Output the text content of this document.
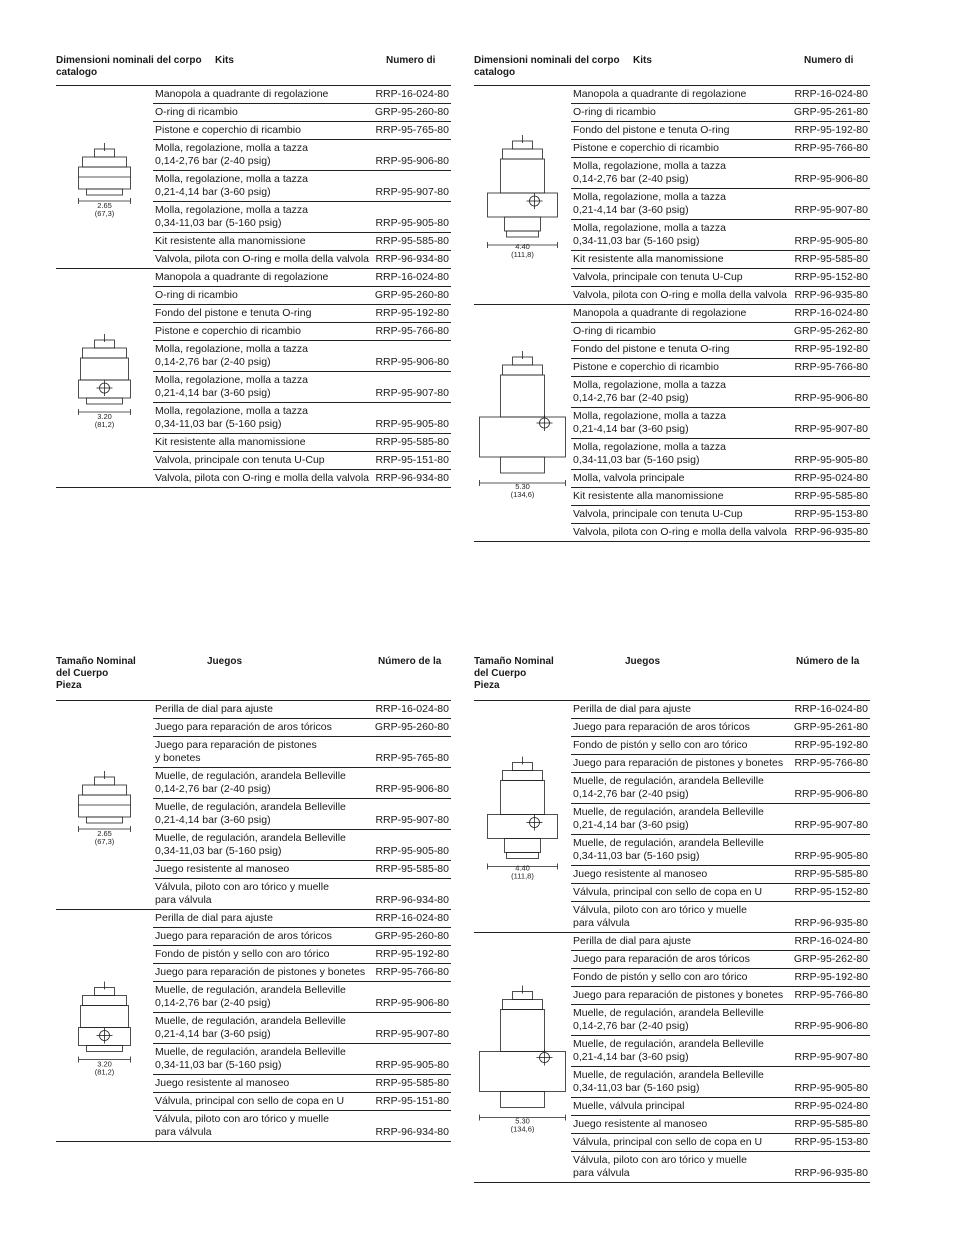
Dimensioni nominali del corpo
catalogo
Kits	Numero di
2.65
(67,3)
Manopola a quadrante di regolazione	RRP-16-024-80
O-ring di ricambio	GRP-95-260-80
Pistone e coperchio di ricambio	RRP-95-765-80
Molla, regolazione, molla a tazza
0,14-2,76 bar (2-40 psig)	RRP-95-906-80
Molla, regolazione, molla a tazza
0,21-4,14 bar (3-60 psig)	RRP-95-907-80
Molla, regolazione, molla a tazza
0,34-11,03 bar (5-160 psig)	RRP-95-905-80
Kit resistente alla manomissione	RRP-95-585-80
Valvola, pilota con O-ring e molla della valvola RRP-96-934-80
3.20
(81,2)
Manopola a quadrante di regolazione	RRP-16-024-80
O-ring di ricambio	GRP-95-260-80
Fondo del pistone e tenuta O-ring	RRP-95-192-80
Pistone e coperchio di ricambio	RRP-95-766-80
Molla, regolazione, molla a tazza
0,14-2,76 bar (2-40 psig)	RRP-95-906-80
Molla, regolazione, molla a tazza
0,21-4,14 bar (3-60 psig)	RRP-95-907-80
Molla, regolazione, molla a tazza
0,34-11,03 bar (5-160 psig)	RRP-95-905-80
Kit resistente alla manomissione	RRP-95-585-80
Valvola, principale con tenuta U-Cup	RRP-95-151-80
Valvola, pilota con O-ring e molla della valvola RRP-96-934-80
Dimensioni nominali del corpo
catalogo
Kits	Numero di
4.40
(111,8)
Manopola a quadrante di regolazione	RRP-16-024-80
O-ring di ricambio	GRP-95-261-80
Fondo del pistone e tenuta O-ring	RRP-95-192-80
Pistone e coperchio di ricambio	RRP-95-766-80
Molla, regolazione, molla a tazza
0,14-2,76 bar (2-40 psig)	RRP-95-906-80
Molla, regolazione, molla a tazza
0,21-4,14 bar (3-60 psig)	RRP-95-907-80
Molla, regolazione, molla a tazza
0,34-11,03 bar (5-160 psig)	RRP-95-905-80
Kit resistente alla manomissione	RRP-95-585-80
Valvola, principale con tenuta U-Cup	RRP-95-152-80
Valvola, pilota con O-ring e molla della valvola RRP-96-935-80
5.30
(134,6)
Manopola a quadrante di regolazione	RRP-16-024-80
O-ring di ricambio	GRP-95-262-80
Fondo del pistone e tenuta O-ring	RRP-95-192-80
Pistone e coperchio di ricambio	RRP-95-766-80
Molla, regolazione, molla a tazza
0,14-2,76 bar (2-40 psig)	RRP-95-906-80
Molla, regolazione, molla a tazza
0,21-4,14 bar (3-60 psig)	RRP-95-907-80
Molla, regolazione, molla a tazza
0,34-11,03 bar (5-160 psig)	RRP-95-905-80
Molla, valvola principale	RRP-95-024-80
Kit resistente alla manomissione	RRP-95-585-80
Valvola, principale con tenuta U-Cup	RRP-95-153-80
Valvola, pilota con O-ring e molla della valvola RRP-96-935-80
Tamaño Nominal
del Cuerpo
Pieza
Juegos	Número de la
2.65
(67,3)
Perilla de dial para ajuste	RRP-16-024-80
Juego para reparación de aros tóricos	GRP-95-260-80
Juego para reparación de pistones
y bonetes	RRP-95-765-80
Muelle, de regulación, arandela Belleville
0,14-2,76 bar (2-40 psig)	RRP-95-906-80
Muelle, de regulación, arandela Belleville
0,21-4,14 bar (3-60 psig)	RRP-95-907-80
Muelle, de regulación, arandela Belleville
0,34-11,03 bar (5-160 psig)	RRP-95-905-80
Juego resistente al manoseo	RRP-95-585-80
Válvula, piloto con aro tórico y muelle
para válvula	RRP-96-934-80
3.20
(81,2)
Perilla de dial para ajuste	RRP-16-024-80
Juego para reparación de aros tóricos	GRP-95-260-80
Fondo de pistón y sello con aro tórico	RRP-95-192-80
Juego para reparación de pistones y bonetes RRP-95-766-80
Muelle, de regulación, arandela Belleville
0,14-2,76 bar (2-40 psig)	RRP-95-906-80
Muelle, de regulación, arandela Belleville
0,21-4,14 bar (3-60 psig)	RRP-95-907-80
Muelle, de regulación, arandela Belleville
0,34-11,03 bar (5-160 psig)	RRP-95-905-80
Juego resistente al manoseo	RRP-95-585-80
Válvula, principal con sello de copa en U	RRP-95-151-80
Válvula, piloto con aro tórico y muelle
para válvula	RRP-96-934-80
Tamaño Nominal
del Cuerpo
Pieza
Juegos	Número de la
4.40
(111,8)
Perilla de dial para ajuste	RRP-16-024-80
Juego para reparación de aros tóricos	GRP-95-261-80
Fondo de pistón y sello con aro tórico	RRP-95-192-80
Juego para reparación de pistones y bonetes RRP-95-766-80
Muelle, de regulación, arandela Belleville
0,14-2,76 bar (2-40 psig)	RRP-95-906-80
Muelle, de regulación, arandela Belleville
0,21-4,14 bar (3-60 psig)	RRP-95-907-80
Muelle, de regulación, arandela Belleville
0,34-11,03 bar (5-160 psig)	RRP-95-905-80
Juego resistente al manoseo	RRP-95-585-80
Válvula, principal con sello de copa en U	RRP-95-152-80
Válvula, piloto con aro tórico y muelle
para válvula	RRP-96-935-80
5.30
(134,6)
Perilla de dial para ajuste	RRP-16-024-80
Juego para reparación de aros tóricos	GRP-95-262-80
Fondo de pistón y sello con aro tórico	RRP-95-192-80
Juego para reparación de pistones y bonetes RRP-95-766-80
Muelle, de regulación, arandela Belleville
0,14-2,76 bar (2-40 psig)	RRP-95-906-80
Muelle, de regulación, arandela Belleville
0,21-4,14 bar (3-60 psig)	RRP-95-907-80
Muelle, de regulación, arandela Belleville
0,34-11,03 bar (5-160 psig)	RRP-95-905-80
Muelle, válvula principal	RRP-95-024-80
Juego resistente al manoseo	RRP-95-585-80
Válvula, principal con sello de copa en U	RRP-95-153-80
Válvula, piloto con aro tórico y muelle
para válvula	RRP-96-935-80
